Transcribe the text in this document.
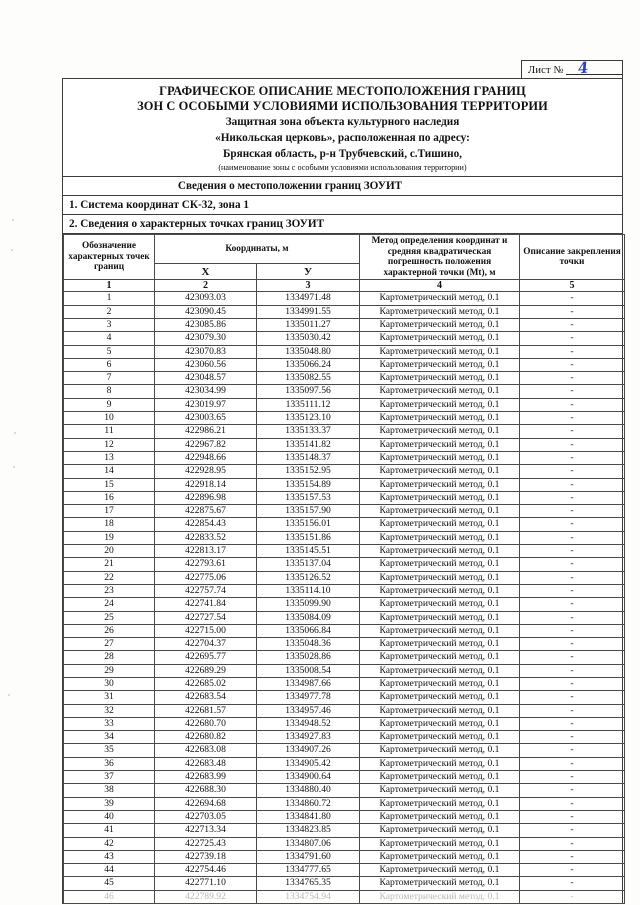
Лист № 4
ГРАФИЧЕСКОЕ ОПИСАНИЕ МЕСТОПОЛОЖЕНИЯ ГРАНИЦ
ЗОН С ОСОБЫМИ УСЛОВИЯМИ ИСПОЛЬЗОВАНИЯ ТЕРРИТОРИИ
Защитная зона объекта культурного наследия
«Никольская церковь», расположенная по адресу:
Брянская область, р-н Трубчевский, с.Тишино,
(наименование зоны с особыми условиями использования территории)
Сведения о местоположении границ ЗОУИТ
1. Система координат СК-32, зона 1
2. Сведения о характерных точках границ ЗОУИТ
Обозначение характерных точек границ	Координаты, м		Метод определения координат и средняя квадратическая погрешность положения характерной точки (Мt), м	Описание закрепления точки
	Х	У		
1	2	3	4	5
1	423093.03	1334971.48	Картометрический метод, 0.1	-
2	423090.45	1334991.55	Картометрический метод, 0.1	-
3	423085.86	1335011.27	Картометрический метод, 0.1	-
4	423079.30	1335030.42	Картометрический метод, 0.1	-
5	423070.83	1335048.80	Картометрический метод, 0.1	-
6	423060.56	1335066.24	Картометрический метод, 0.1	-
7	423048.57	1335082.55	Картометрический метод, 0.1	-
8	423034.99	1335097.56	Картометрический метод, 0.1	-
9	423019.97	1335111.12	Картометрический метод, 0.1	-
10	423003.65	1335123.10	Картометрический метод, 0.1	-
11	422986.21	1335133.37	Картометрический метод, 0.1	-
12	422967.82	1335141.82	Картометрический метод, 0.1	-
13	422948.66	1335148.37	Картометрический метод, 0.1	-
14	422928.95	1335152.95	Картометрический метод, 0.1	-
15	422918.14	1335154.89	Картометрический метод, 0.1	-
16	422896.98	1335157.53	Картометрический метод, 0.1	-
17	422875.67	1335157.90	Картометрический метод, 0.1	-
18	422854.43	1335156.01	Картометрический метод, 0.1	-
19	422833.52	1335151.86	Картометрический метод, 0.1	-
20	422813.17	1335145.51	Картометрический метод, 0.1	-
21	422793.61	1335137.04	Картометрический метод, 0.1	-
22	422775.06	1335126.52	Картометрический метод, 0.1	-
23	422757.74	1335114.10	Картометрический метод, 0.1	-
24	422741.84	1335099.90	Картометрический метод, 0.1	-
25	422727.54	1335084.09	Картометрический метод, 0.1	-
26	422715.00	1335066.84	Картометрический метод, 0.1	-
27	422704.37	1335048.36	Картометрический метод, 0.1	-
28	422695.77	1335028.86	Картометрический метод, 0.1	-
29	422689.29	1335008.54	Картометрический метод, 0.1	-
30	422685.02	1334987.66	Картометрический метод, 0.1	-
31	422683.54	1334977.78	Картометрический метод, 0.1	-
32	422681.57	1334957.46	Картометрический метод, 0.1	-
33	422680.70	1334948.52	Картометрический метод, 0.1	-
34	422680.82	1334927.83	Картометрический метод, 0.1	-
35	422683.08	1334907.26	Картометрический метод, 0.1	-
36	422683.48	1334905.42	Картометрический метод, 0.1	-
37	422683.99	1334900.64	Картометрический метод, 0.1	-
38	422688.30	1334880.40	Картометрический метод, 0.1	-
39	422694.68	1334860.72	Картометрический метод, 0.1	-
40	422703.05	1334841.80	Картометрический метод, 0.1	-
41	422713.34	1334823.85	Картометрический метод, 0.1	-
42	422725.43	1334807.06	Картометрический метод, 0.1	-
43	422739.18	1334791.60	Картометрический метод, 0.1	-
44	422754.46	1334777.65	Картометрический метод, 0.1	-
45	422771.10	1334765.35	Картометрический метод, 0.1	-
46	422789.92	1334754.94	Картометрический метод, 0.1	-
